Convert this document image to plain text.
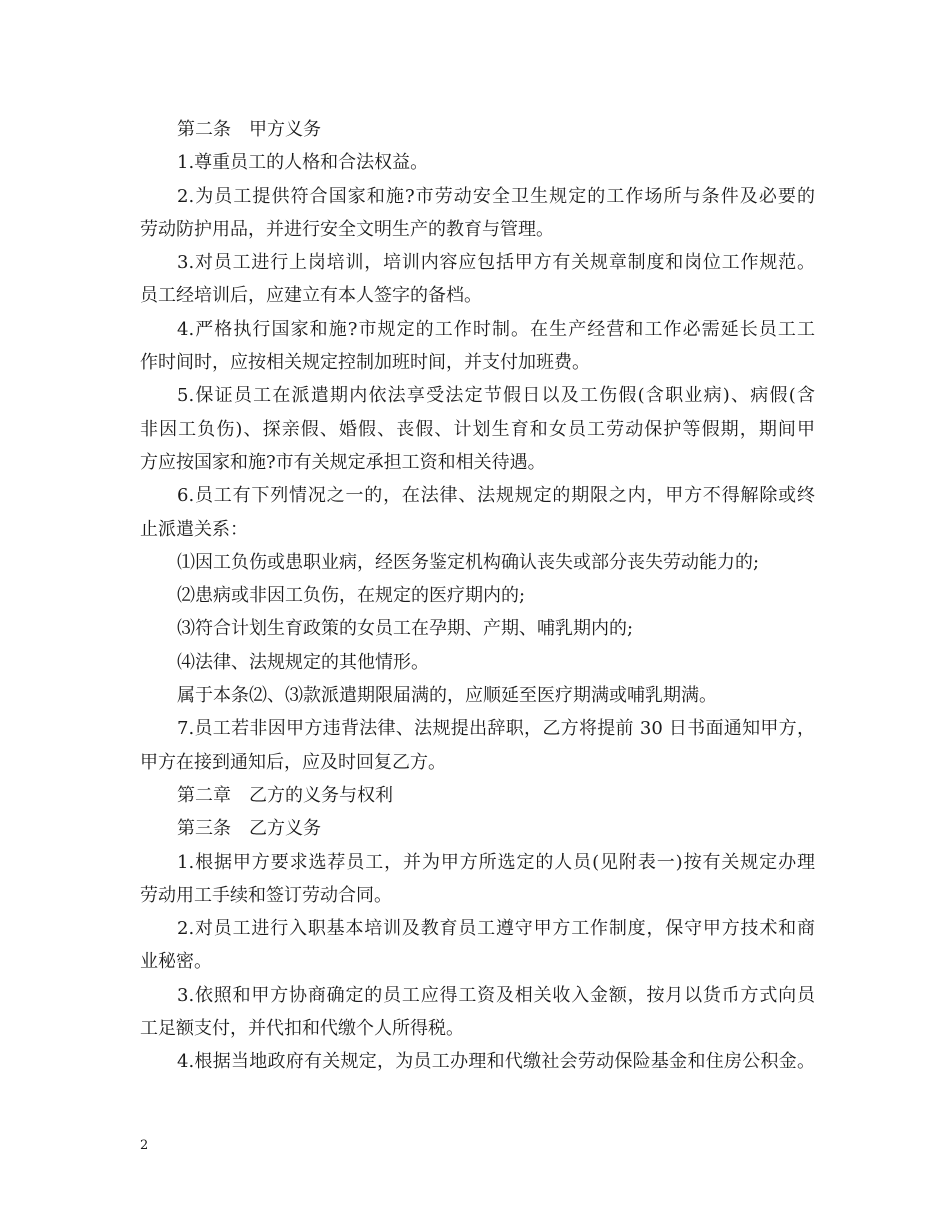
第二条　甲方义务
1.尊重员工的人格和合法权益。
2.为员工提供符合国家和施?市劳动安全卫生规定的工作场所与条件及必要的
劳动防护用品，并进行安全文明生产的教育与管理。
3.对员工进行上岗培训，培训内容应包括甲方有关规章制度和岗位工作规范。
员工经培训后，应建立有本人签字的备档。
4.严格执行国家和施?市规定的工作时制。在生产经营和工作必需延长员工工
作时间时，应按相关规定控制加班时间，并支付加班费。
5.保证员工在派遣期内依法享受法定节假日以及工伤假(含职业病)、病假(含
非因工负伤)、探亲假、婚假、丧假、计划生育和女员工劳动保护等假期，期间甲
方应按国家和施?市有关规定承担工资和相关待遇。
6.员工有下列情况之一的，在法律、法规规定的期限之内，甲方不得解除或终
止派遣关系：
⑴因工负伤或患职业病，经医务鉴定机构确认丧失或部分丧失劳动能力的;
⑵患病或非因工负伤，在规定的医疗期内的;
⑶符合计划生育政策的女员工在孕期、产期、哺乳期内的;
⑷法律、法规规定的其他情形。
属于本条⑵、⑶款派遣期限届满的，应顺延至医疗期满或哺乳期满。
7.员工若非因甲方违背法律、法规提出辞职，乙方将提前 30 日书面通知甲方，
甲方在接到通知后，应及时回复乙方。
第二章　乙方的义务与权利
第三条　乙方义务
1.根据甲方要求选荐员工，并为甲方所选定的人员(见附表一)按有关规定办理
劳动用工手续和签订劳动合同。
2.对员工进行入职基本培训及教育员工遵守甲方工作制度，保守甲方技术和商
业秘密。
3.依照和甲方协商确定的员工应得工资及相关收入金额，按月以货币方式向员
工足额支付，并代扣和代缴个人所得税。
4.根据当地政府有关规定，为员工办理和代缴社会劳动保险基金和住房公积金。
2
